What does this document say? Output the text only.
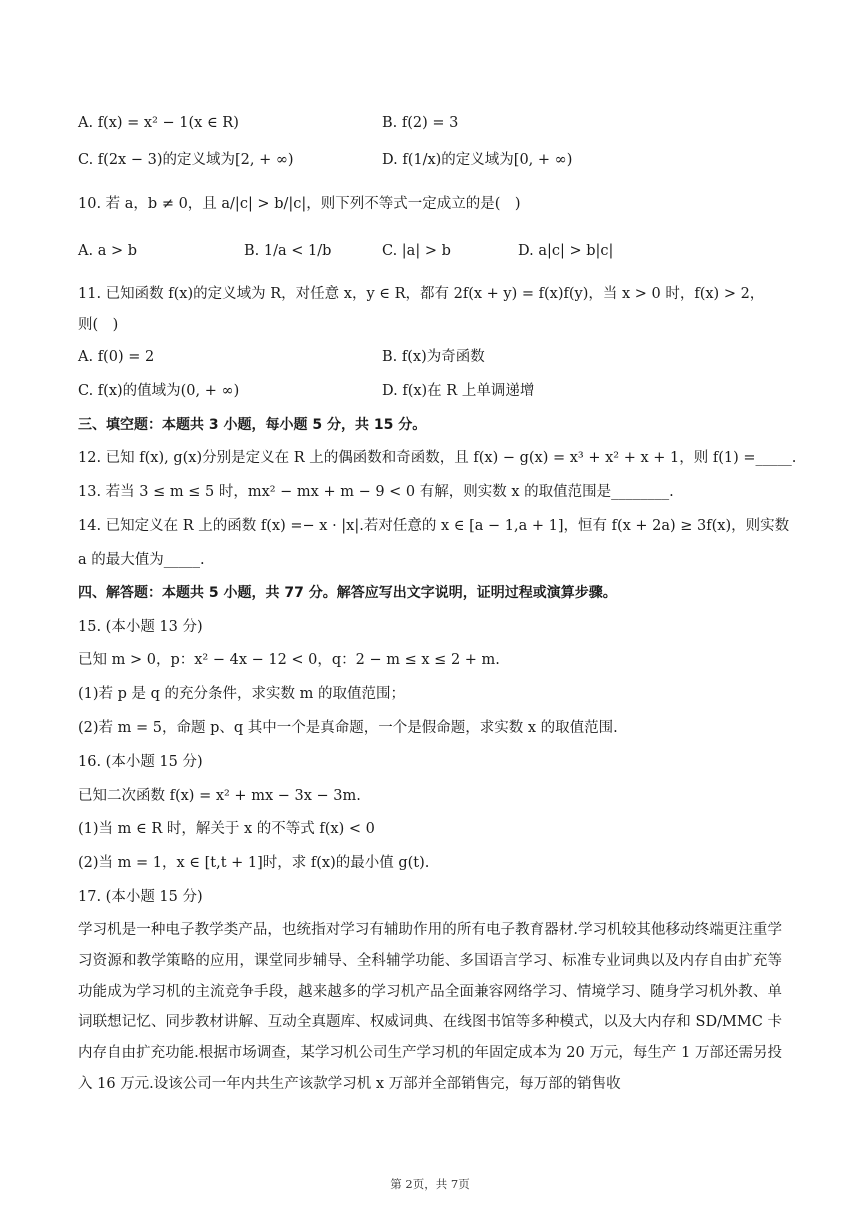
A. f(x) = x² − 1(x ∈ R)	B. f(2) = 3
C. f(2x − 3)的定义域为[2, + ∞)	D. f(1/x)的定义域为[0, + ∞)
10. 若 a，b ≠ 0，且 a/|c| > b/|c|，则下列不等式一定成立的是(　)
A. a > b	B. 1/a < 1/b	C. |a| > b	D. a|c| > b|c|
11. 已知函数 f(x)的定义域为 R，对任意 x，y ∈ R，都有 2f(x + y) = f(x)f(y)，当 x > 0 时，f(x) > 2，
则(　)
A. f(0) = 2	B. f(x)为奇函数
C. f(x)的值域为(0, + ∞)	D. f(x)在 R 上单调递增
三、填空题：本题共 3 小题，每小题 5 分，共 15 分。
12. 已知 f(x), g(x)分别是定义在 R 上的偶函数和奇函数，且 f(x) − g(x) = x³ + x² + x + 1，则 f(1) =_____.
13. 若当 3 ≤ m ≤ 5 时，mx² − mx + m − 9 < 0 有解，则实数 x 的取值范围是________.
14. 已知定义在 R 上的函数 f(x) =− x · |x|.若对任意的 x ∈ [a − 1,a + 1]，恒有 f(x + 2a) ≥ 3f(x)，则实数
a 的最大值为_____.
四、解答题：本题共 5 小题，共 77 分。解答应写出文字说明，证明过程或演算步骤。
15. (本小题 13 分)
已知 m > 0，p：x² − 4x − 12 < 0，q：2 − m ≤ x ≤ 2 + m.
(1)若 p 是 q 的充分条件，求实数 m 的取值范围；
(2)若 m = 5，命题 p、q 其中一个是真命题，一个是假命题，求实数 x 的取值范围.
16. (本小题 15 分)
已知二次函数 f(x) = x² + mx − 3x − 3m.
(1)当 m ∈ R 时，解关于 x 的不等式 f(x) < 0
(2)当 m = 1，x ∈ [t,t + 1]时，求 f(x)的最小值 g(t).
17. (本小题 15 分)
学习机是一种电子教学类产品，也统指对学习有辅助作用的所有电子教育器材.学习机较其他移动终端更注重学习资源和教学策略的应用，课堂同步辅导、全科辅学功能、多国语言学习、标准专业词典以及内存自由扩充等功能成为学习机的主流竞争手段，越来越多的学习机产品全面兼容网络学习、情境学习、随身学习机外教、单词联想记忆、同步教材讲解、互动全真题库、权威词典、在线图书馆等多种模式，以及大内存和 SD/MMC 卡内存自由扩充功能.根据市场调查，某学习机公司生产学习机的年固定成本为 20 万元，每生产 1 万部还需另投入 16 万元.设该公司一年内共生产该款学习机 x 万部并全部销售完，每万部的销售收
第 2页，共 7页
